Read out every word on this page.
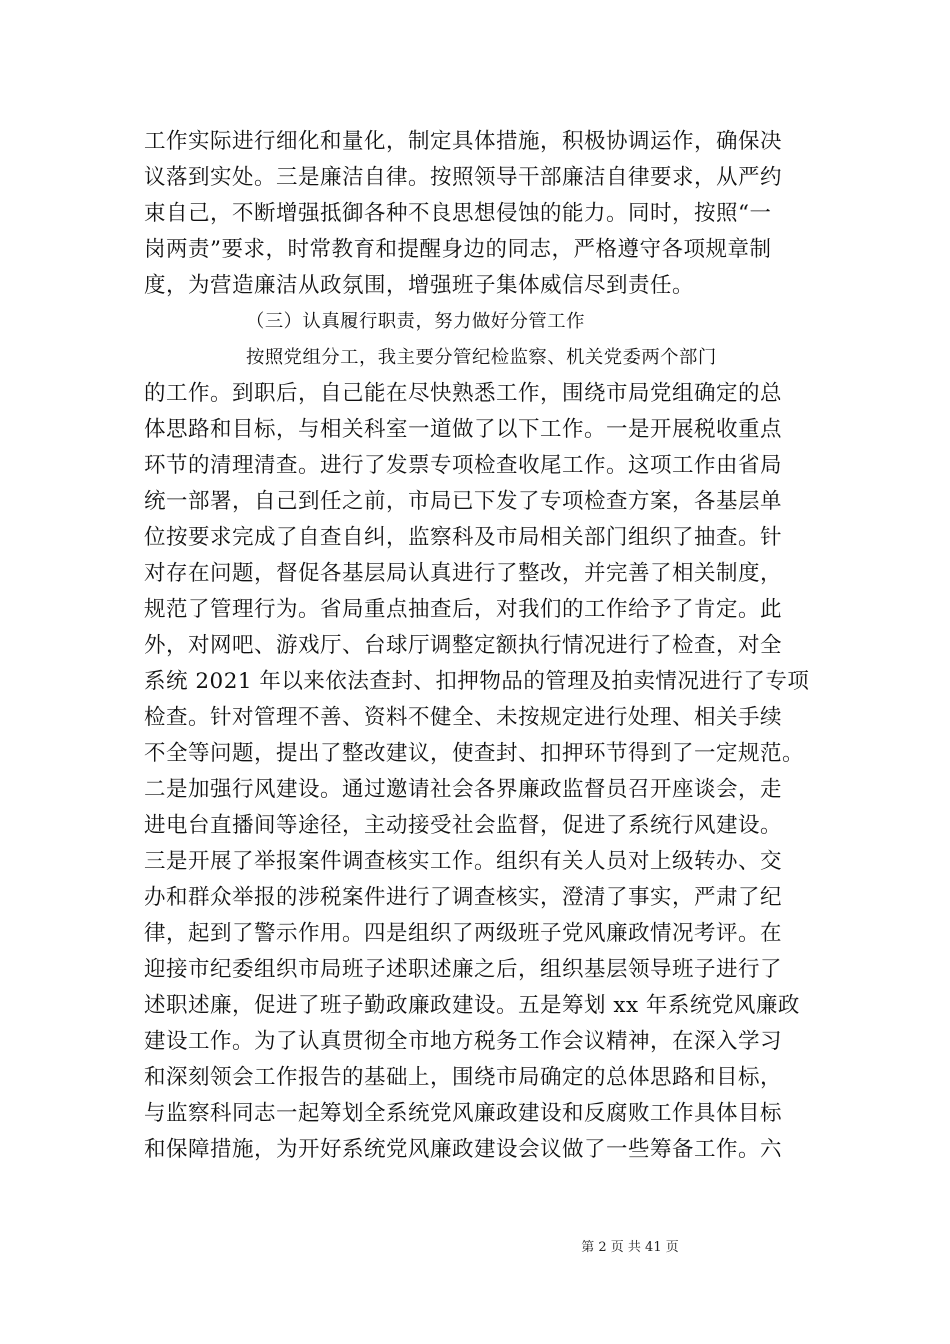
工作实际进行细化和量化，制定具体措施，积极协调运作，确保决
议落到实处。三是廉洁自律。按照领导干部廉洁自律要求，从严约
束自己，不断增强抵御各种不良思想侵蚀的能力。同时，按照“一
岗两责”要求，时常教育和提醒身边的同志，严格遵守各项规章制
度，为营造廉洁从政氛围，增强班子集体威信尽到责任。
（三）认真履行职责，努力做好分管工作
按照党组分工，我主要分管纪检监察、机关党委两个部门
的工作。到职后，自己能在尽快熟悉工作，围绕市局党组确定的总
体思路和目标，与相关科室一道做了以下工作。一是开展税收重点
环节的清理清查。进行了发票专项检查收尾工作。这项工作由省局
统一部署，自己到任之前，市局已下发了专项检查方案，各基层单
位按要求完成了自查自纠，监察科及市局相关部门组织了抽查。针
对存在问题，督促各基层局认真进行了整改，并完善了相关制度，
规范了管理行为。省局重点抽查后，对我们的工作给予了肯定。此
外，对网吧、游戏厅、台球厅调整定额执行情况进行了检查，对全
系统 2021 年以来依法查封、扣押物品的管理及拍卖情况进行了专项
检查。针对管理不善、资料不健全、未按规定进行处理、相关手续
不全等问题，提出了整改建议，使查封、扣押环节得到了一定规范。
二是加强行风建设。通过邀请社会各界廉政监督员召开座谈会，走
进电台直播间等途径，主动接受社会监督，促进了系统行风建设。
三是开展了举报案件调查核实工作。组织有关人员对上级转办、交
办和群众举报的涉税案件进行了调查核实，澄清了事实，严肃了纪
律，起到了警示作用。四是组织了两级班子党风廉政情况考评。在
迎接市纪委组织市局班子述职述廉之后，组织基层领导班子进行了
述职述廉，促进了班子勤政廉政建设。五是筹划 xx 年系统党风廉政
建设工作。为了认真贯彻全市地方税务工作会议精神，在深入学习
和深刻领会工作报告的基础上，围绕市局确定的总体思路和目标，
与监察科同志一起筹划全系统党风廉政建设和反腐败工作具体目标
和保障措施，为开好系统党风廉政建设会议做了一些筹备工作。六
第 2 页 共 41 页
